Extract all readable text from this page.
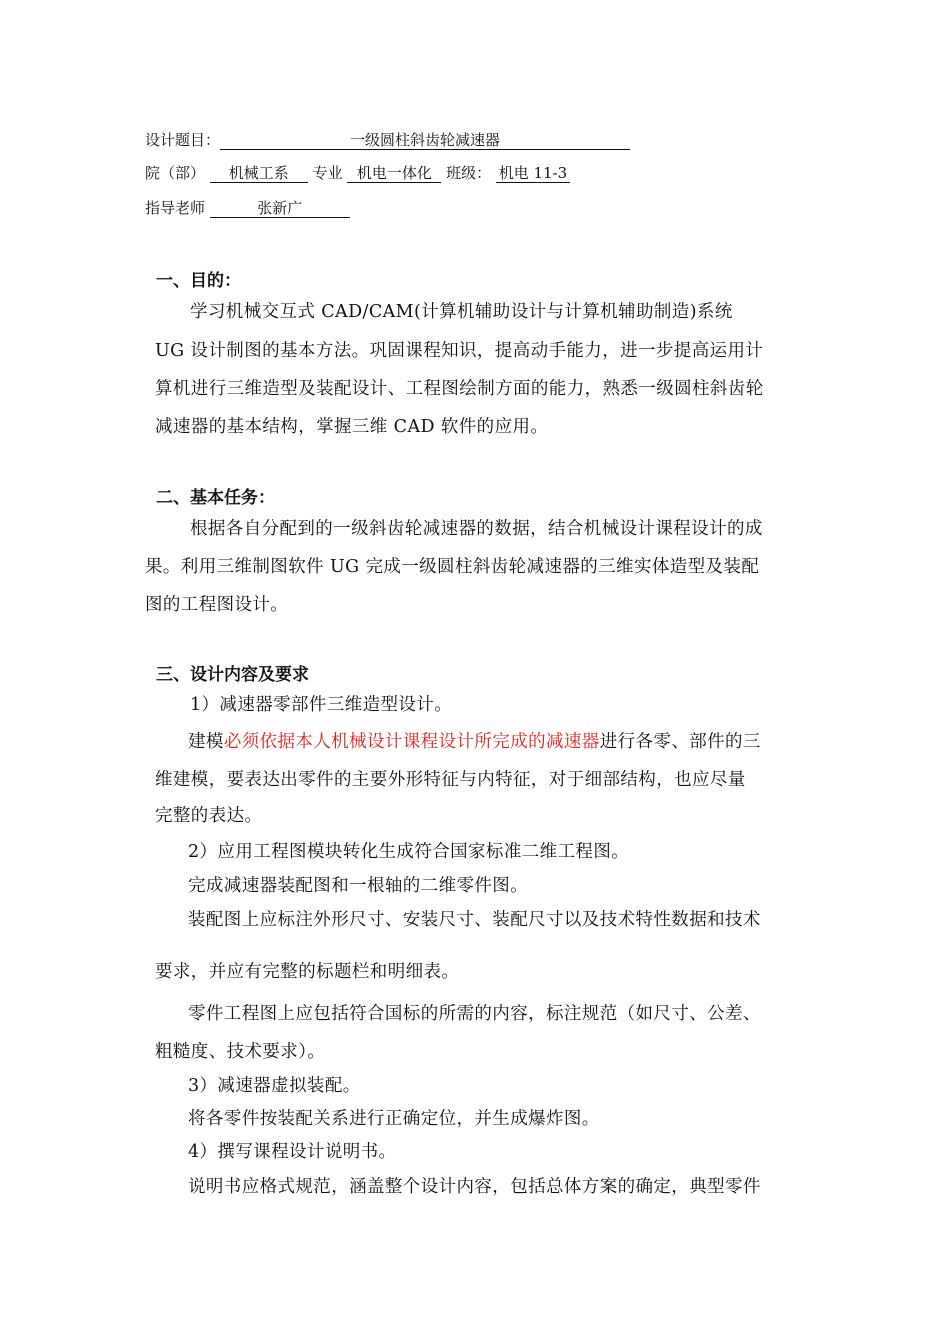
设计题目：	一级圆柱斜齿轮减速器
院（部） 机械工系 专业 机电一体化 班级： 机电 11-3
指导老师	张新广
一、目的：
学习机械交互式 CAD/CAM(计算机辅助设计与计算机辅助制造)系统
UG 设计制图的基本方法。巩固课程知识，提高动手能力，进一步提高运用计
算机进行三维造型及装配设计、工程图绘制方面的能力，熟悉一级圆柱斜齿轮
减速器的基本结构，掌握三维 CAD 软件的应用。
二、基本任务：
根据各自分配到的一级斜齿轮减速器的数据，结合机械设计课程设计的成
果。利用三维制图软件 UG 完成一级圆柱斜齿轮减速器的三维实体造型及装配
图的工程图设计。
三、设计内容及要求
1）减速器零部件三维造型设计。
建模必须依据本人机械设计课程设计所完成的减速器进行各零、部件的三
维建模，要表达出零件的主要外形特征与内特征，对于细部结构，也应尽量
完整的表达。
2）应用工程图模块转化生成符合国家标准二维工程图。
完成减速器装配图和一根轴的二维零件图。
装配图上应标注外形尺寸、安装尺寸、装配尺寸以及技术特性数据和技术
要求，并应有完整的标题栏和明细表。
零件工程图上应包括符合国标的所需的内容，标注规范（如尺寸、公差、
粗糙度、技术要求）。
3）减速器虚拟装配。
将各零件按装配关系进行正确定位，并生成爆炸图。
4）撰写课程设计说明书。
说明书应格式规范，涵盖整个设计内容，包括总体方案的确定，典型零件
